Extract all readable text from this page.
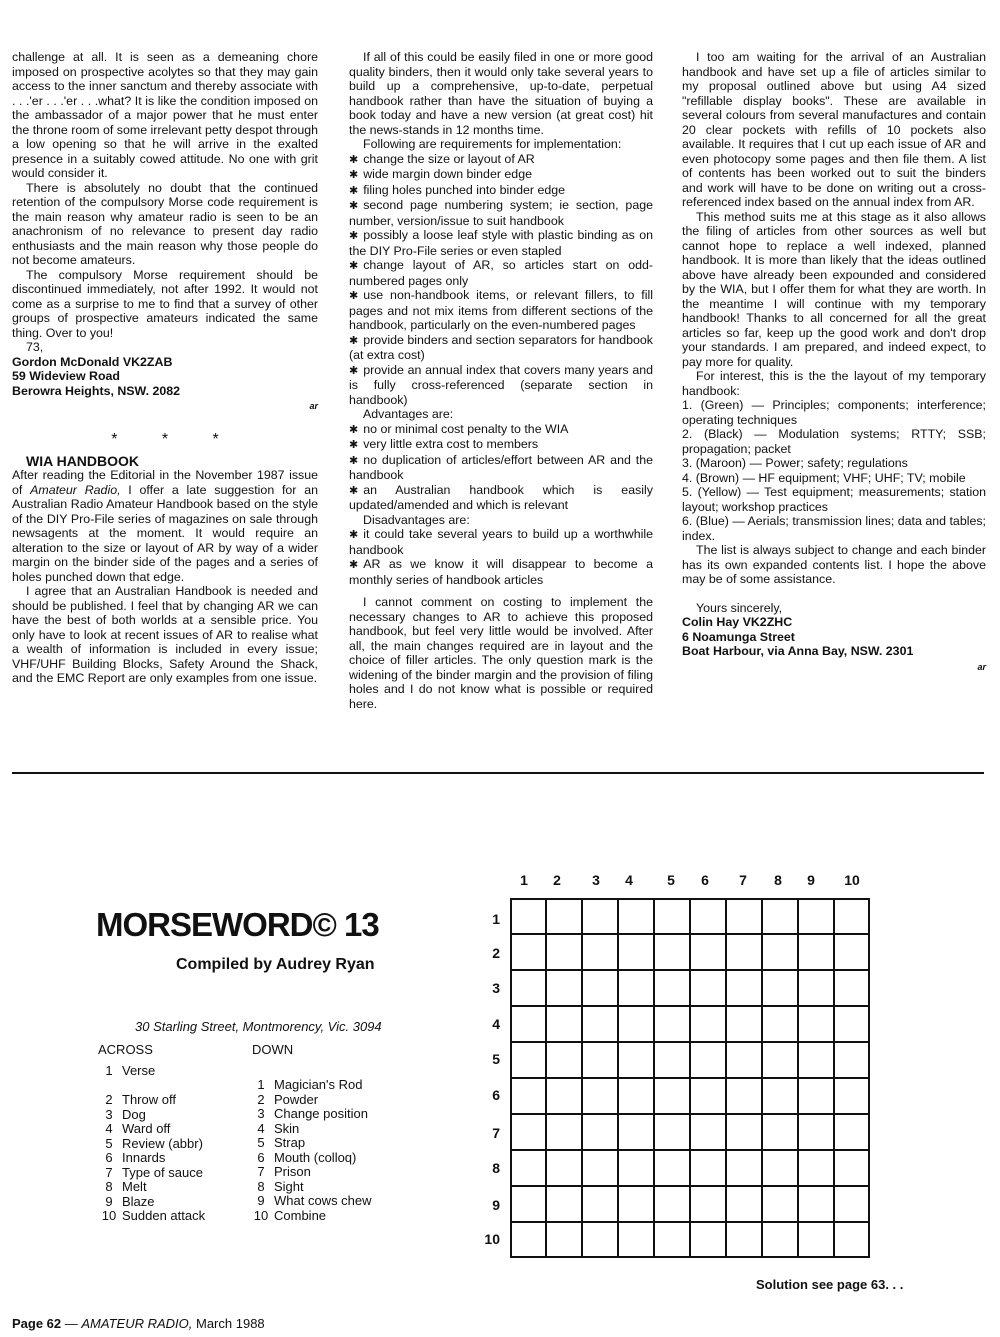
challenge at all. It is seen as a demeaning chore imposed on prospective acolytes so that they may gain access to the inner sanctum and thereby associate with . . .'er . . .'er . . .what? It is like the condition imposed on the ambassador of a major power that he must enter the throne room of some irrelevant petty despot through a low opening so that he will arrive in the exalted presence in a suitably cowed attitude. No one with grit would consider it.

There is absolutely no doubt that the continued retention of the compulsory Morse code requirement is the main reason why amateur radio is seen to be an anachronism of no relevance to present day radio enthusiasts and the main reason why those people do not become amateurs.

The compulsory Morse requirement should be discontinued immediately, not after 1992. It would not come as a surprise to me to find that a survey of other groups of prospective amateurs indicated the same thing. Over to you!

73,

Gordon McDonald VK2ZAB

59 Wideview Road

Berowra Heights, NSW. 2082

ar
* * *

WIA HANDBOOK

After reading the Editorial in the November 1987 issue of Amateur Radio, I offer a late suggestion for an Australian Radio Amateur Handbook based on the style of the DIY Pro-File series of magazines on sale through newsagents at the moment. It would require an alteration to the size or layout of AR by way of a wider margin on the binder side of the pages and a series of holes punched down that edge.

I agree that an Australian Handbook is needed and should be published. I feel that by changing AR we can have the best of both worlds at a sensible price. You only have to look at recent issues of AR to realise what a wealth of information is included in every issue; VHF/UHF Building Blocks, Safety Around the Shack, and the EMC Report are only examples from one issue.

If all of this could be easily filed in one or more good quality binders, then it would only take several years to build up a comprehensive, up-to-date, perpetual handbook rather than have the situation of buying a book today and have a new version (at great cost) hit the news-stands in 12 months time.

Following are requirements for implementation:

✱ change the size or layout of AR

✱ wide margin down binder edge

✱ filing holes punched into binder edge

✱ second page numbering system; ie section, page number, version/issue to suit handbook

✱ possibly a loose leaf style with plastic binding as on the DIY Pro-File series or even stapled

✱ change layout of AR, so articles start on odd-numbered pages only

✱ use non-handbook items, or relevant fillers, to fill pages and not mix items from different sections of the handbook, particularly on the even-numbered pages

✱ provide binders and section separators for handbook (at extra cost)

✱ provide an annual index that covers many years and is fully cross-referenced (separate section in handbook)

Advantages are:

✱ no or minimal cost penalty to the WIA

✱ very little extra cost to members

✱ no duplication of articles/effort between AR and the handbook

✱ an Australian handbook which is easily updated/amended and which is relevant

Disadvantages are:

✱ it could take several years to build up a worthwhile handbook

✱ AR as we know it will disappear to become a monthly series of handbook articles

I cannot comment on costing to implement the necessary changes to AR to achieve this proposed handbook, but feel very little would be involved. After all, the main changes required are in layout and the choice of filler articles. The only question mark is the widening of the binder margin and the provision of filing holes and I do not know what is possible or required here.

I too am waiting for the arrival of an Australian handbook and have set up a file of articles similar to my proposal outlined above but using A4 sized "refillable display books". These are available in several colours from several manufactures and contain 20 clear pockets with refills of 10 pockets also available. It requires that I cut up each issue of AR and even photocopy some pages and then file them. A list of contents has been worked out to suit the binders and work will have to be done on writing out a cross-referenced index based on the annual index from AR.

This method suits me at this stage as it also allows the filing of articles from other sources as well but cannot hope to replace a well indexed, planned handbook. It is more than likely that the ideas outlined above have already been expounded and considered by the WIA, but I offer them for what they are worth. In the meantime I will continue with my temporary handbook! Thanks to all concerned for all the great articles so far, keep up the good work and don't drop your standards. I am prepared, and indeed expect, to pay more for quality.

For interest, this is the the layout of my temporary handbook:

1. (Green) — Principles; components; interference; operating techniques

2. (Black) — Modulation systems; RTTY; SSB; propagation; packet

3. (Maroon) — Power; safety; regulations

4. (Brown) — HF equipment; VHF; UHF; TV; mobile

5. (Yellow) — Test equipment; measurements; station layout; workshop practices

6. (Blue) — Aerials; transmission lines; data and tables; index.

The list is always subject to change and each binder has its own expanded contents list. I hope the above may be of some assistance.

Yours sincerely,

Colin Hay VK2ZHC

6 Noamunga Street

Boat Harbour, via Anna Bay, NSW. 2301

ar
MORSEWORD© 13
Compiled by Audrey Ryan
30 Starling Street, Montmorency, Vic. 3094
ACROSS	DOWN
1 Verse
2 Throw off
3 Dog
4 Ward off
5 Review (abbr)
6 Innards
7 Type of sauce
8 Melt
9 Blaze
10 Sudden attack
1 Magician's Rod
2 Powder
3 Change position
4 Skin
5 Strap
6 Mouth (colloq)
7 Prison
8 Sight
9 What cows chew
10 Combine
1	2	3	4	5	6	7	8	9	10
1
2
3
4
5
6
7
8
9
10
Solution see page 63. . .
Page 62 — AMATEUR RADIO, March 1988
